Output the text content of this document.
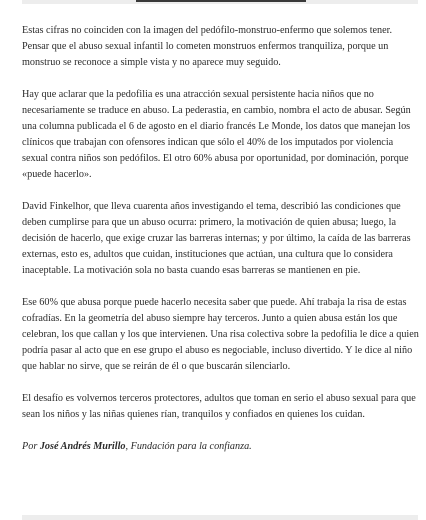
Estas cifras no coinciden con la imagen del pedófilo-monstruo-enfermo que solemos tener. Pensar que el abuso sexual infantil lo cometen monstruos enfermos tranquiliza, porque un monstruo se reconoce a simple vista y no aparece muy seguido.

Hay que aclarar que la pedofilia es una atracción sexual persistente hacia niños que no necesariamente se traduce en abuso. La pederastia, en cambio, nombra el acto de abusar. Según una columna publicada el 6 de agosto en el diario francés Le Monde, los datos que manejan los clínicos que trabajan con ofensores indican que sólo el 40% de los imputados por violencia sexual contra niños son pedófilos. El otro 60% abusa por oportunidad, por dominación, porque «puede hacerlo».

David Finkelhor, que lleva cuarenta años investigando el tema, describió las condiciones que deben cumplirse para que un abuso ocurra: primero, la motivación de quien abusa; luego, la decisión de hacerlo, que exige cruzar las barreras internas; y por último, la caída de las barreras externas, esto es, adultos que cuidan, instituciones que actúan, una cultura que lo considera inaceptable. La motivación sola no basta cuando esas barreras se mantienen en pie.

Ese 60% que abusa porque puede hacerlo necesita saber que puede. Ahí trabaja la risa de estas cofradías. En la geometría del abuso siempre hay terceros. Junto a quien abusa están los que celebran, los que callan y los que intervienen. Una risa colectiva sobre la pedofilia le dice a quien podría pasar al acto que en ese grupo el abuso es negociable, incluso divertido. Y le dice al niño que hablar no sirve, que se reirán de él o que buscarán silenciarlo.

El desafío es volvernos terceros protectores, adultos que toman en serio el abuso sexual para que sean los niños y las niñas quienes rían, tranquilos y confiados en quienes los cuidan.

Por José Andrés Murillo, Fundación para la confianza.
